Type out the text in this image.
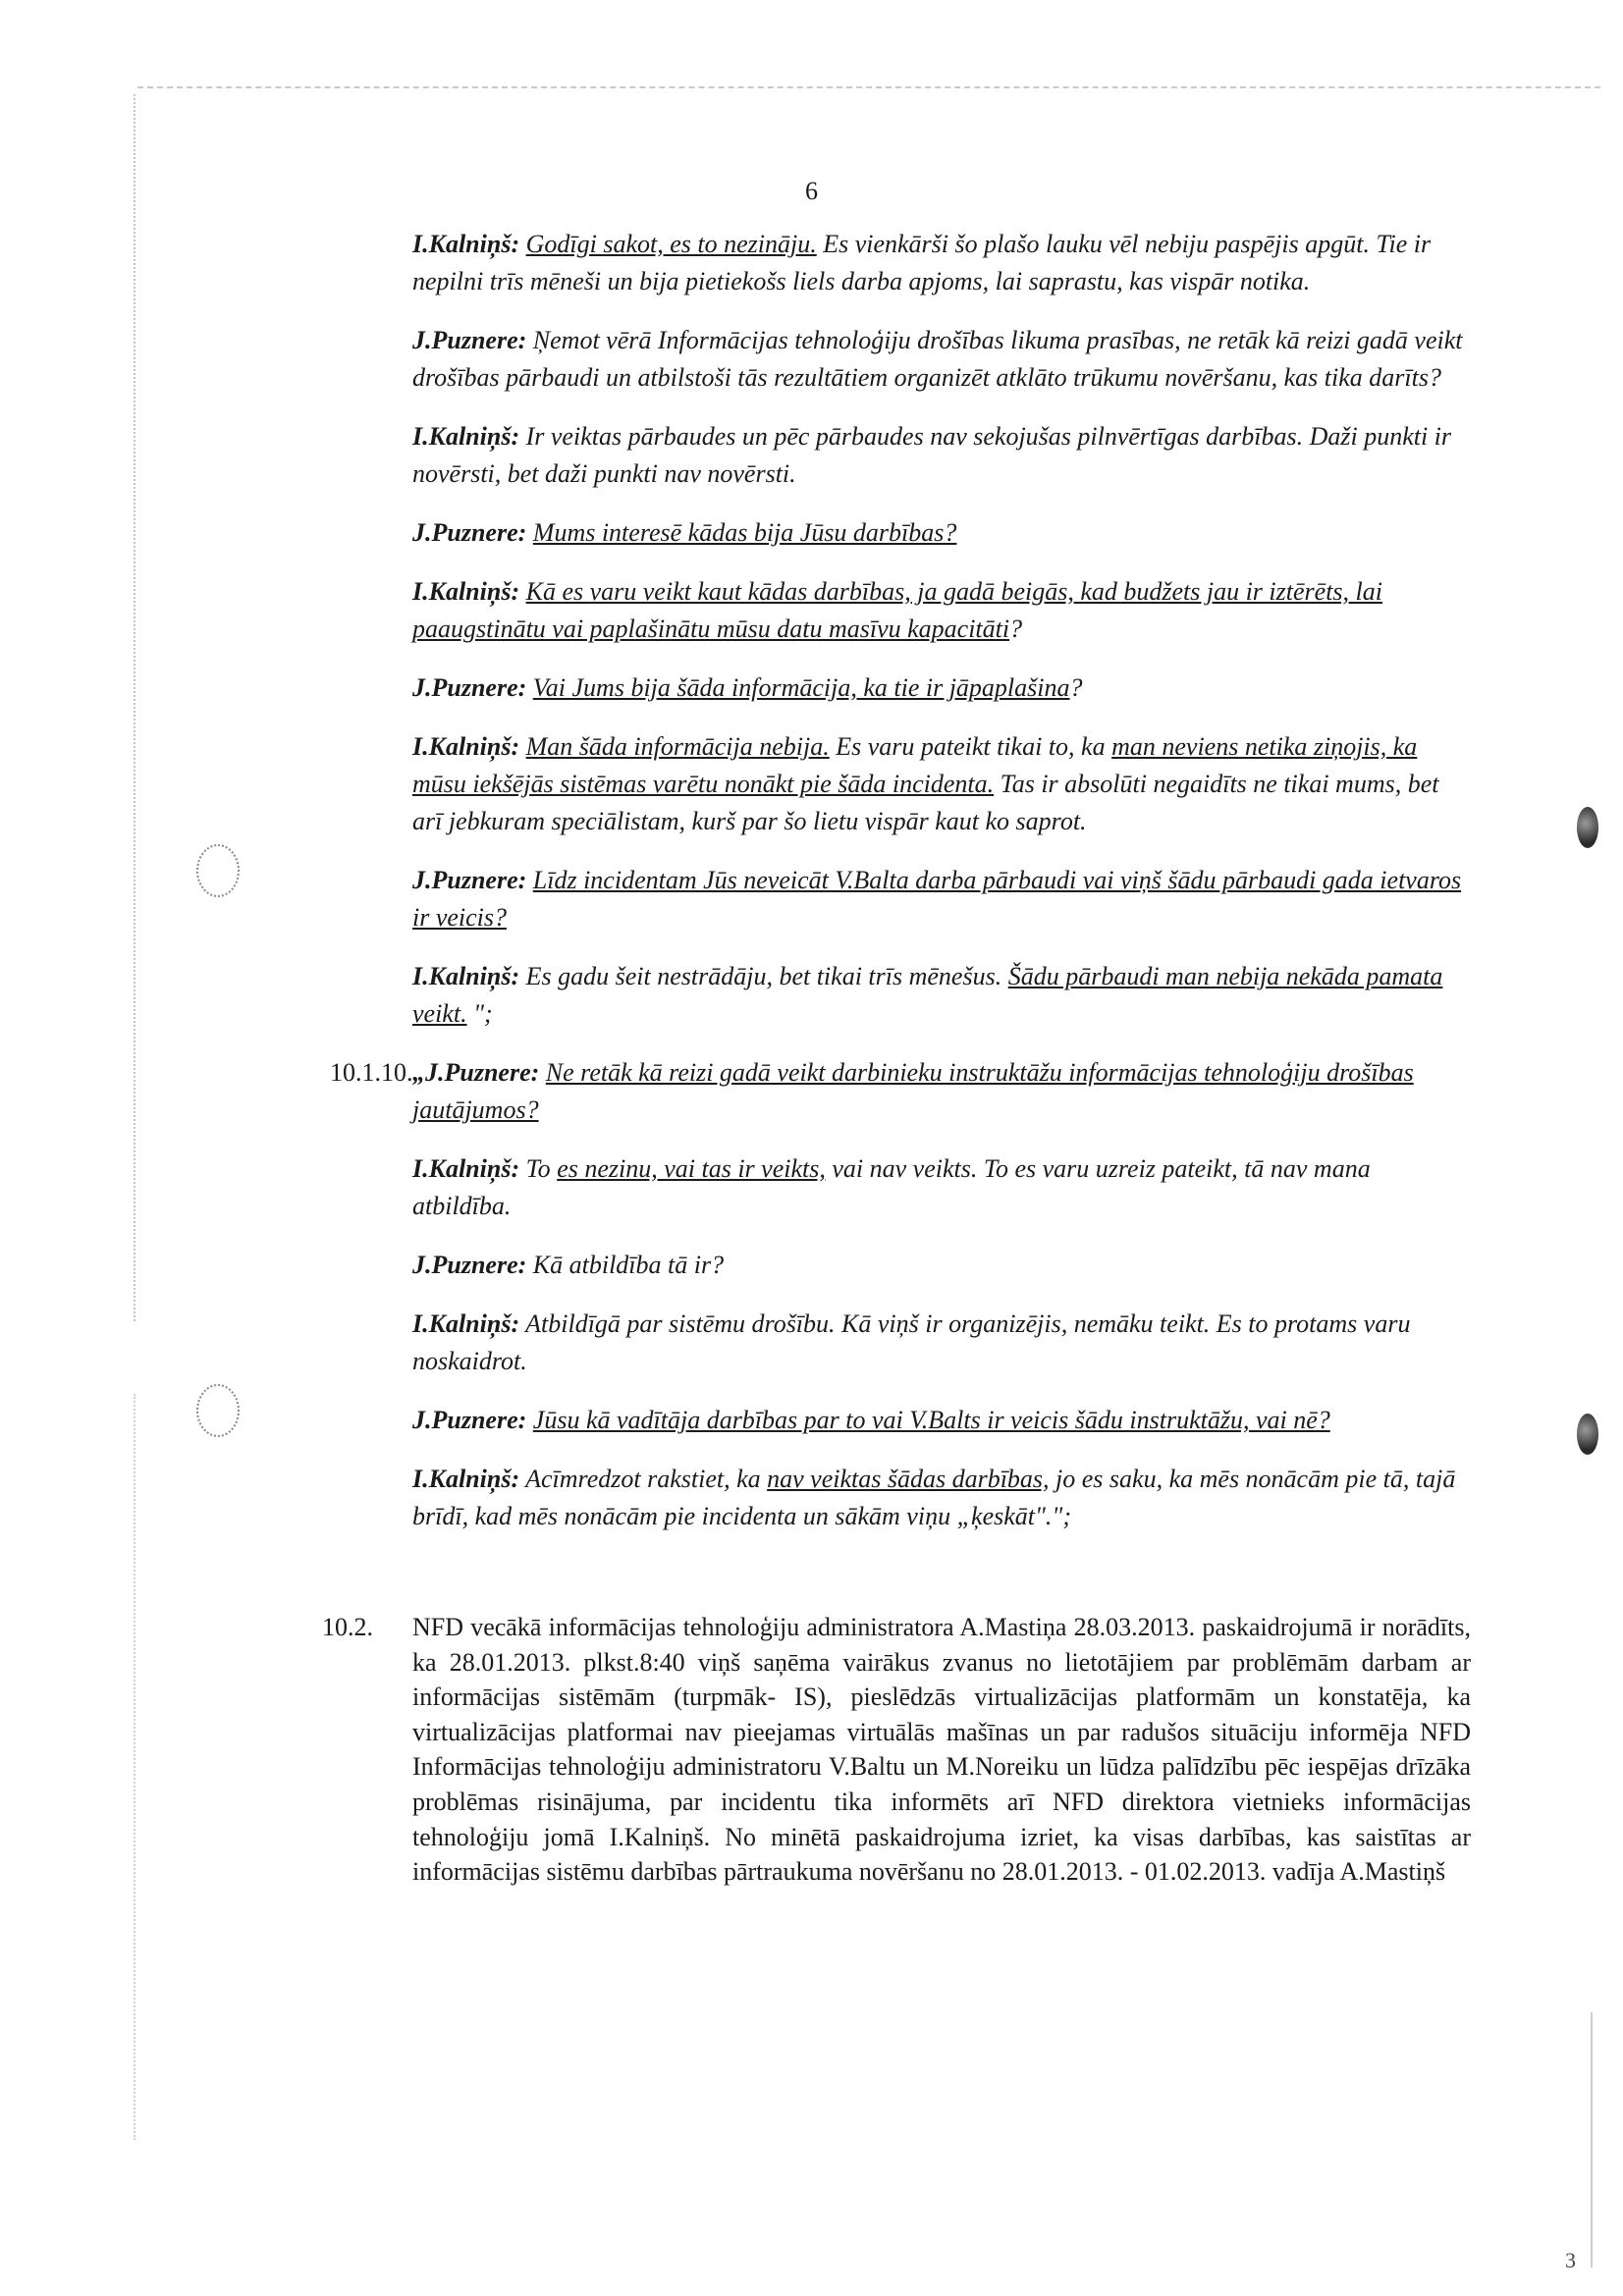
6

I.Kalniņš: Godīgi sakot, es to nezināju. Es vienkārši šo plašo lauku vēl nebiju paspējis apgūt. Tie ir nepilni trīs mēneši un bija pietiekošs liels darba apjoms, lai saprastu, kas vispār notika.

J.Puznere: Ņemot vērā Informācijas tehnoloģiju drošības likuma prasības, ne retāk kā reizi gadā veikt drošības pārbaudi un atbilstoši tās rezultātiem organizēt atklāto trūkumu novēršanu, kas tika darīts?

I.Kalniņš: Ir veiktas pārbaudes un pēc pārbaudes nav sekojušas pilnvērtīgas darbības. Daži punkti ir novērsti, bet daži punkti nav novērsti.

J.Puznere: Mums interesē kādas bija Jūsu darbības?

I.Kalniņš: Kā es varu veikt kaut kādas darbības, ja gadā beigās, kad budžets jau ir iztērēts, lai paaugstinātu vai paplašinātu mūsu datu masīvu kapacitāti?

J.Puznere: Vai Jums bija šāda informācija, ka tie ir jāpaplašina?

I.Kalniņš: Man šāda informācija nebija. Es varu pateikt tikai to, ka man neviens netika ziņojis, ka mūsu iekšējās sistēmas varētu nonākt pie šāda incidenta. Tas ir absolūti negaidīts ne tikai mums, bet arī jebkuram speciālistam, kurš par šo lietu vispār kaut ko saprot.

J.Puznere: Līdz incidentam Jūs neveicāt V.Balta darba pārbaudi vai viņš šādu pārbaudi gada ietvaros ir veicis?

I.Kalniņš: Es gadu šeit nestrādāju, bet tikai trīs mēnešus. Šādu pārbaudi man nebija nekāda pamata veikt. ";

10.1.10. „J.Puznere: Ne retāk kā reizi gadā veikt darbinieku instruktāžu informācijas tehnoloģiju drošības jautājumos?

I.Kalniņš: To es nezinu, vai tas ir veikts, vai nav veikts. To es varu uzreiz pateikt, tā nav mana atbildība.

J.Puznere: Kā atbildība tā ir?

I.Kalniņš: Atbildīgā par sistēmu drošību. Kā viņš ir organizējis, nemāku teikt. Es to protams varu noskaidrot.

J.Puznere: Jūsu kā vadītāja darbības par to vai V.Balts ir veicis šādu instruktāžu, vai nē?

I.Kalniņš: Acīmredzot rakstiet, ka nav veiktas šādas darbības, jo es saku, ka mēs nonācām pie tā, tajā brīdī, kad mēs nonācām pie incidenta un sākām viņu „ķeskāt".";

10.2. NFD vecākā informācijas tehnoloģiju administratora A.Mastiņa 28.03.2013. paskaidrojumā ir norādīts, ka 28.01.2013. plkst.8:40 viņš saņēma vairākus zvanus no lietotājiem par problēmām darbam ar informācijas sistēmām (turpmāk- IS), pieslēdzās virtualizācijas platformām un konstatēja, ka virtualizācijas platformai nav pieejamas virtuālās mašīnas un par radušos situāciju informēja NFD Informācijas tehnoloģiju administratoru V.Baltu un M.Noreiku un lūdza palīdzību pēc iespējas drīzāka problēmas risinājuma, par incidentu tika informēts arī NFD direktora vietnieks informācijas tehnoloģiju jomā I.Kalniņš. No minētā paskaidrojuma izriet, ka visas darbības, kas saistītas ar informācijas sistēmu darbības pārtraukuma novēršanu no 28.01.2013. - 01.02.2013. vadīja A.Mastiņš
3
